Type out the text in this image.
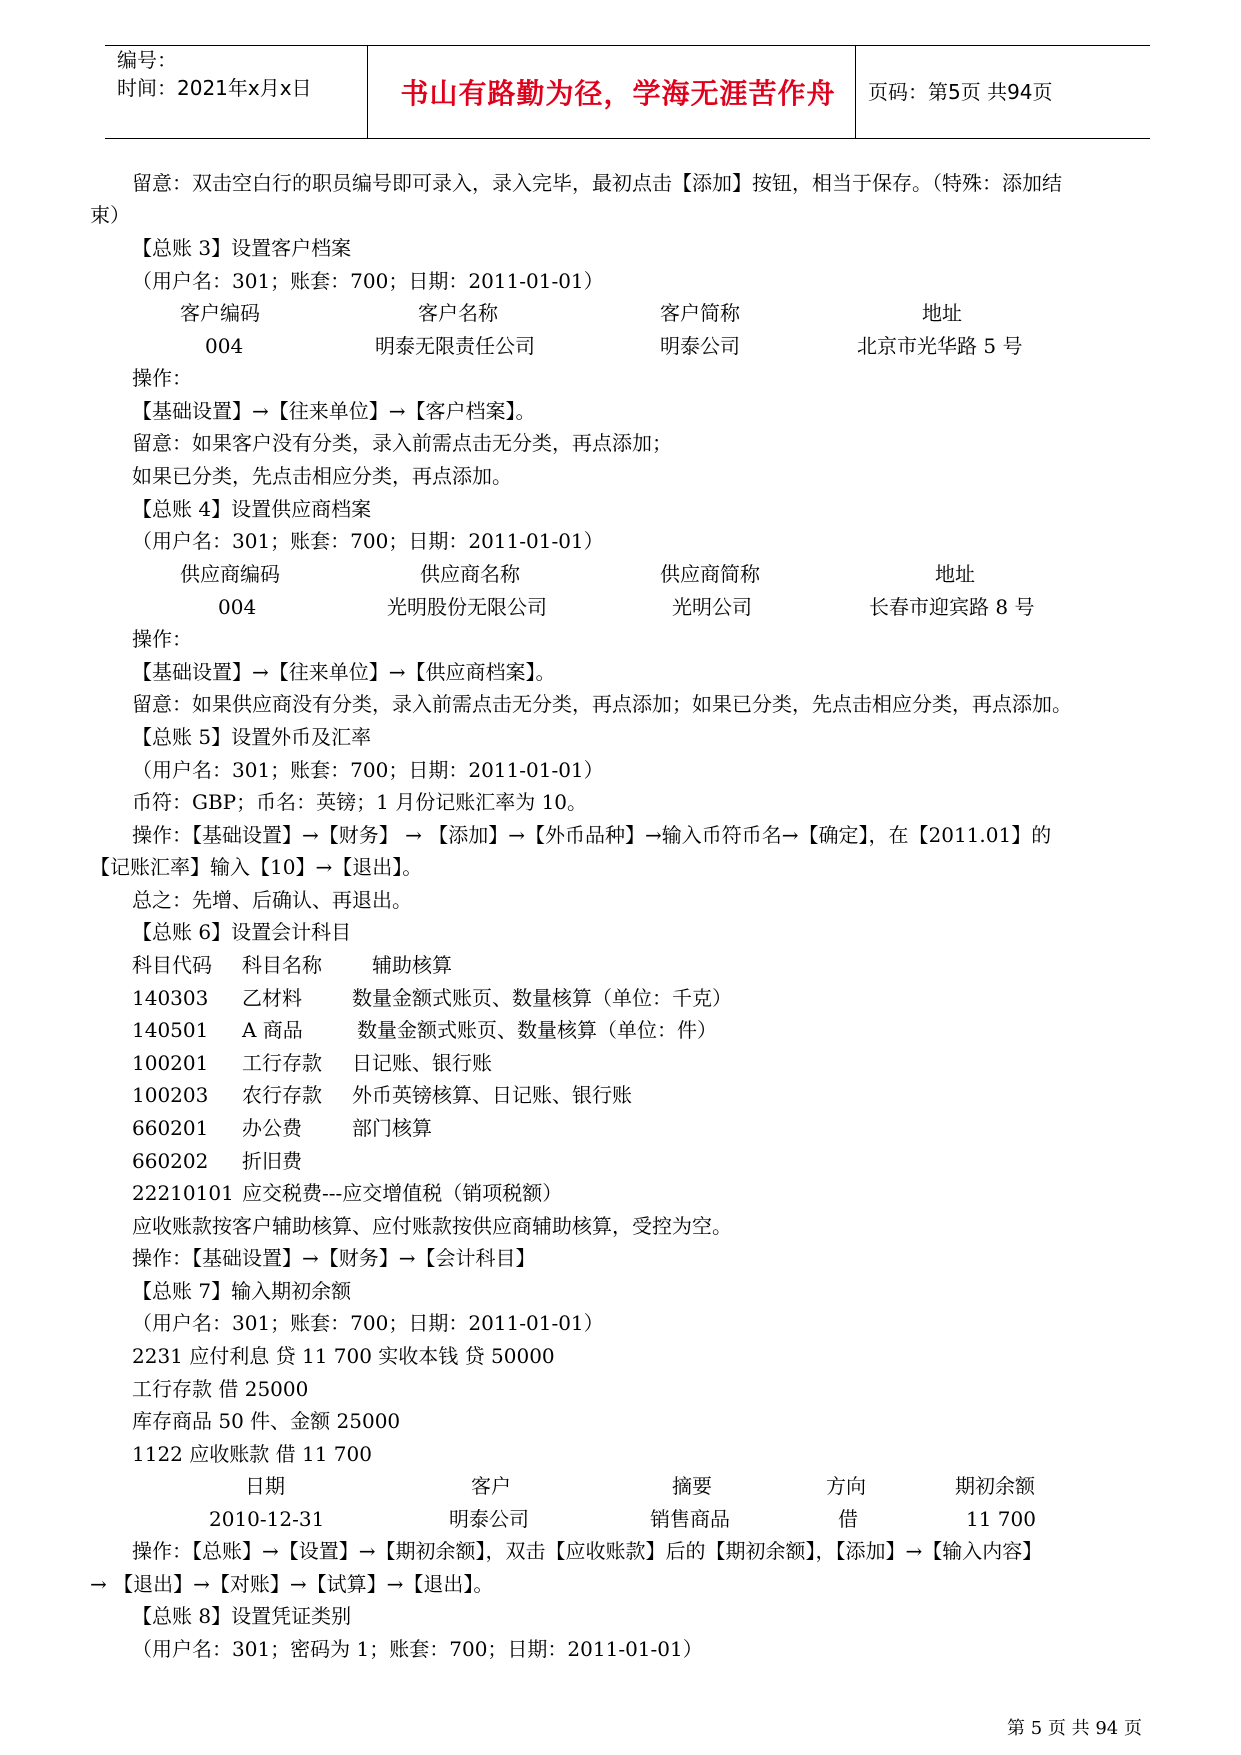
编号：
时间：2021年x月x日	书山有路勤为径，学海无涯苦作舟	页码：第5页 共94页
留意：双击空白行的职员编号即可录入，录入完毕，最初点击【添加】按钮，相当于保存。（特殊：添加结
束）
【总账 3】设置客户档案
（用户名：301；账套：700；日期：2011-01-01）
客户编码	客户名称	客户简称	地址
004	明泰无限责任公司	明泰公司	北京市光华路 5 号
操作：
【基础设置】→【往来单位】→【客户档案】。
留意：如果客户没有分类，录入前需点击无分类，再点添加；
如果已分类，先点击相应分类，再点添加。
【总账 4】设置供应商档案
（用户名：301；账套：700；日期：2011-01-01）
供应商编码	供应商名称	供应商简称	地址
004	光明股份无限公司	光明公司	长春市迎宾路 8 号
操作：
【基础设置】→【往来单位】→【供应商档案】。
留意：如果供应商没有分类，录入前需点击无分类，再点添加；如果已分类，先点击相应分类，再点添加。
【总账 5】设置外币及汇率
（用户名：301；账套：700；日期：2011-01-01）
币符：GBP；币名：英镑；1 月份记账汇率为 10。
操作：【基础设置】→【财务】 → 【添加】→【外币品种】→输入币符币名→【确定】，在【2011.01】的
【记账汇率】输入【10】→【退出】。
总之：先增、后确认、再退出。
【总账 6】设置会计科目
科目代码 科目名称	辅助核算
140303 乙材料	数量金额式账页、数量核算（单位：千克）
140501 A 商品	数量金额式账页、数量核算（单位：件）
100201 工行存款 日记账、银行账
100203 农行存款 外币英镑核算、日记账、银行账
660201 办公费	部门核算
660202 折旧费
22210101 应交税费---应交增值税（销项税额）
应收账款按客户辅助核算、应付账款按供应商辅助核算，受控为空。
操作：【基础设置】→【财务】→【会计科目】
【总账 7】输入期初余额
（用户名：301；账套：700；日期：2011-01-01）
2231 应付利息 贷 11 700 实收本钱 贷 50000
工行存款 借 25000
库存商品 50 件、金额 25000
1122 应收账款 借 11 700
日期	客户	摘要	方向	期初余额
2010-12-31	明泰公司	销售商品	借	11 700
操作：【总账】→【设置】→【期初余额】，双击【应收账款】后的【期初余额】，【添加】→【输入内容】
→ 【退出】→【对账】→【试算】→【退出】。
【总账 8】设置凭证类别
（用户名：301；密码为 1；账套：700；日期：2011-01-01）
第 5 页 共 94 页
